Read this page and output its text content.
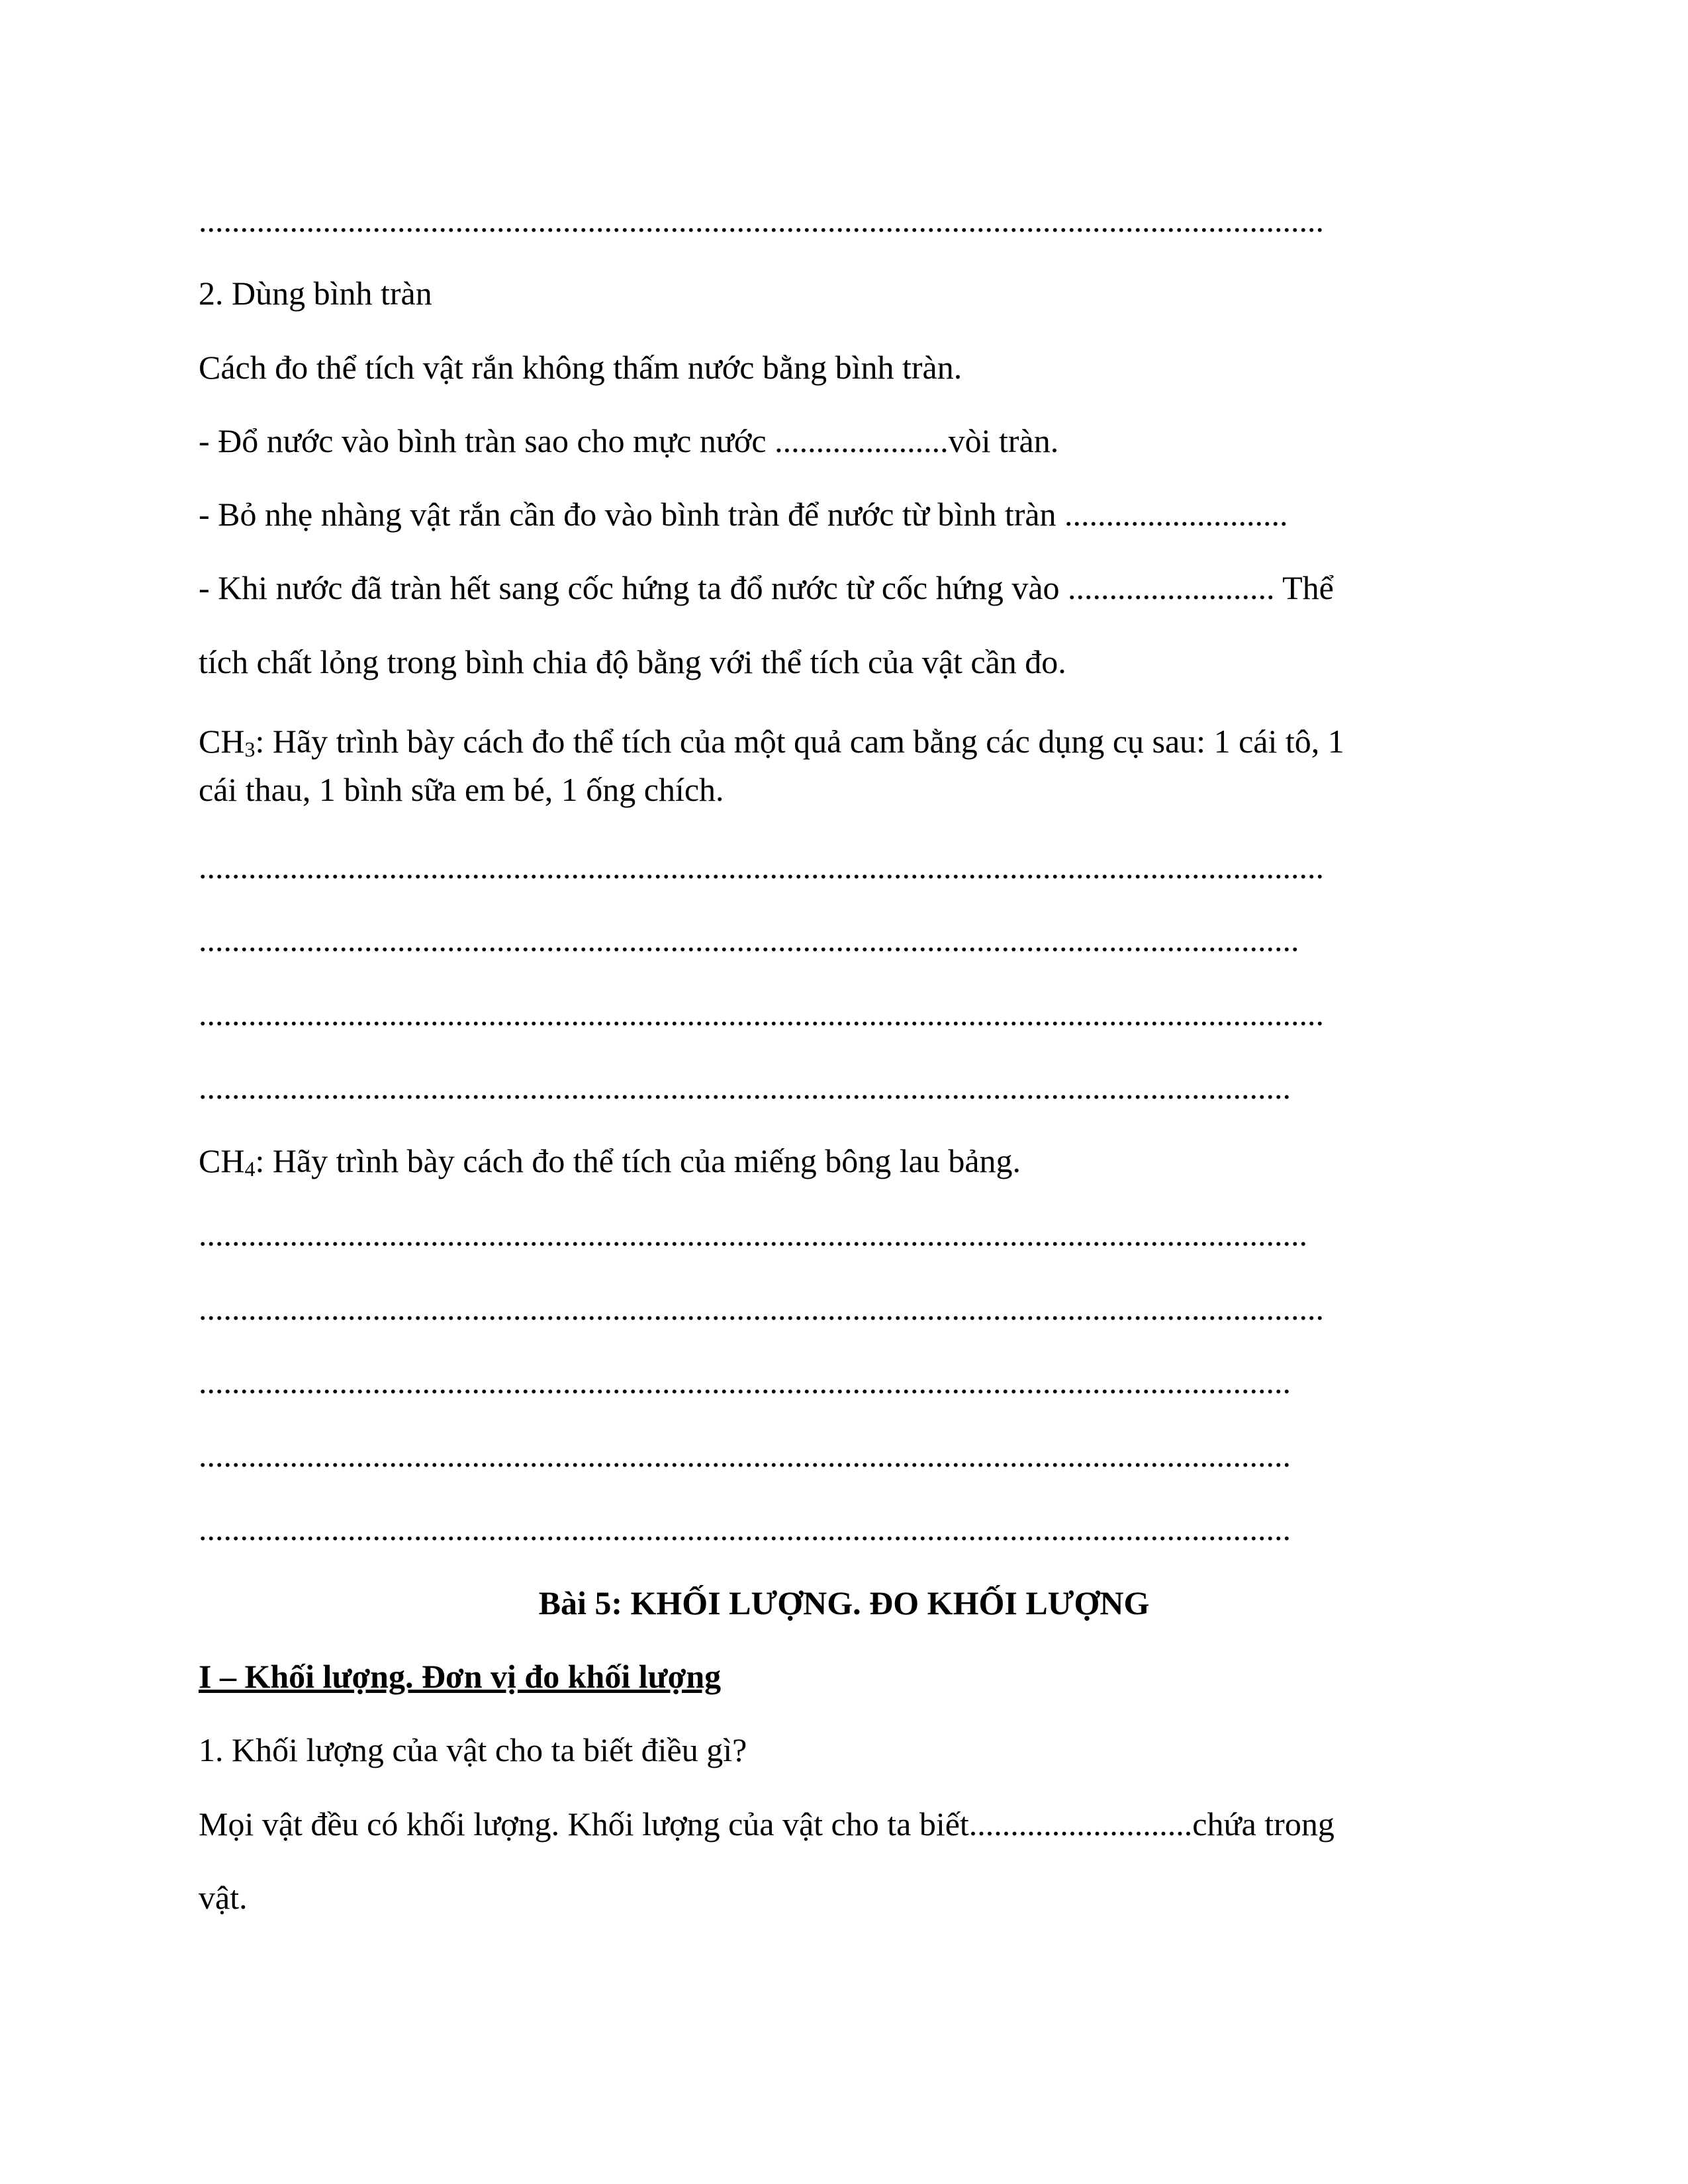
........................................................................................................................................
2. Dùng bình tràn
Cách đo thể tích vật rắn không thấm nước bằng bình tràn.
- Đổ nước vào bình tràn sao cho mực nước .....................vòi tràn.
- Bỏ nhẹ nhàng vật rắn cần đo vào bình tràn để nước từ bình tràn ...........................
- Khi nước đã tràn hết sang cốc hứng ta đổ nước từ cốc hứng vào ......................... Thể
tích chất lỏng trong bình chia độ bằng với thể tích của vật cần đo.
$CH_3$: Hãy trình bày cách đo thể tích của một quả cam bằng các dụng cụ sau: 1 cái tô, 1
cái thau, 1 bình sữa em bé, 1 ống chích.
........................................................................................................................................
.....................................................................................................................................
........................................................................................................................................
....................................................................................................................................
$CH_4$: Hãy trình bày cách đo thể tích của miếng bông lau bảng.
......................................................................................................................................
........................................................................................................................................
....................................................................................................................................
....................................................................................................................................
....................................................................................................................................
Bài 5: KHỐI LƯỢNG. ĐO KHỐI LƯỢNG
I – Khối lượng. Đơn vị đo khối lượng
1. Khối lượng của vật cho ta biết điều gì?
Mọi vật đều có khối lượng. Khối lượng của vật cho ta biết...........................chứa trong
vật.
